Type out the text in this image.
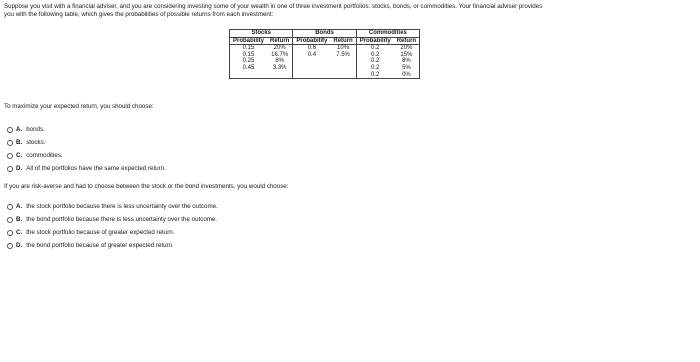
Suppose you visit with a financial adviser, and you are considering investing some of your wealth in one of three investment portfolios: stocks, bonds, or commodities. Your financial adviser provides

you with the following table, which gives the probabilities of possible returns from each investment:

Stocks		Bonds		Commodities	
Probability	Return	Probability	Return	Probability	Return
0.15	20%	0.6	10%	0.2	20%
0.15	16.7%	0.4	7.5%	0.2	15%
0.25	8%			0.2	8%
0.45	3.3%			0.2	5%
				0.2	0%
To maximize your expected return, you should choose:
A. bonds.
B. stocks.
C. commodities.
D. All of the portfolios have the same expected return.
If you are risk-averse and had to choose between the stock or the bond investments, you would choose:
A. the stock portfolio because there is less uncertainty over the outcome.
B. the bond portfolio because there is less uncertainty over the outcome.
C. the stock portfolio because of greater expected return.
D. the bond portfolio because of greater expected return.
